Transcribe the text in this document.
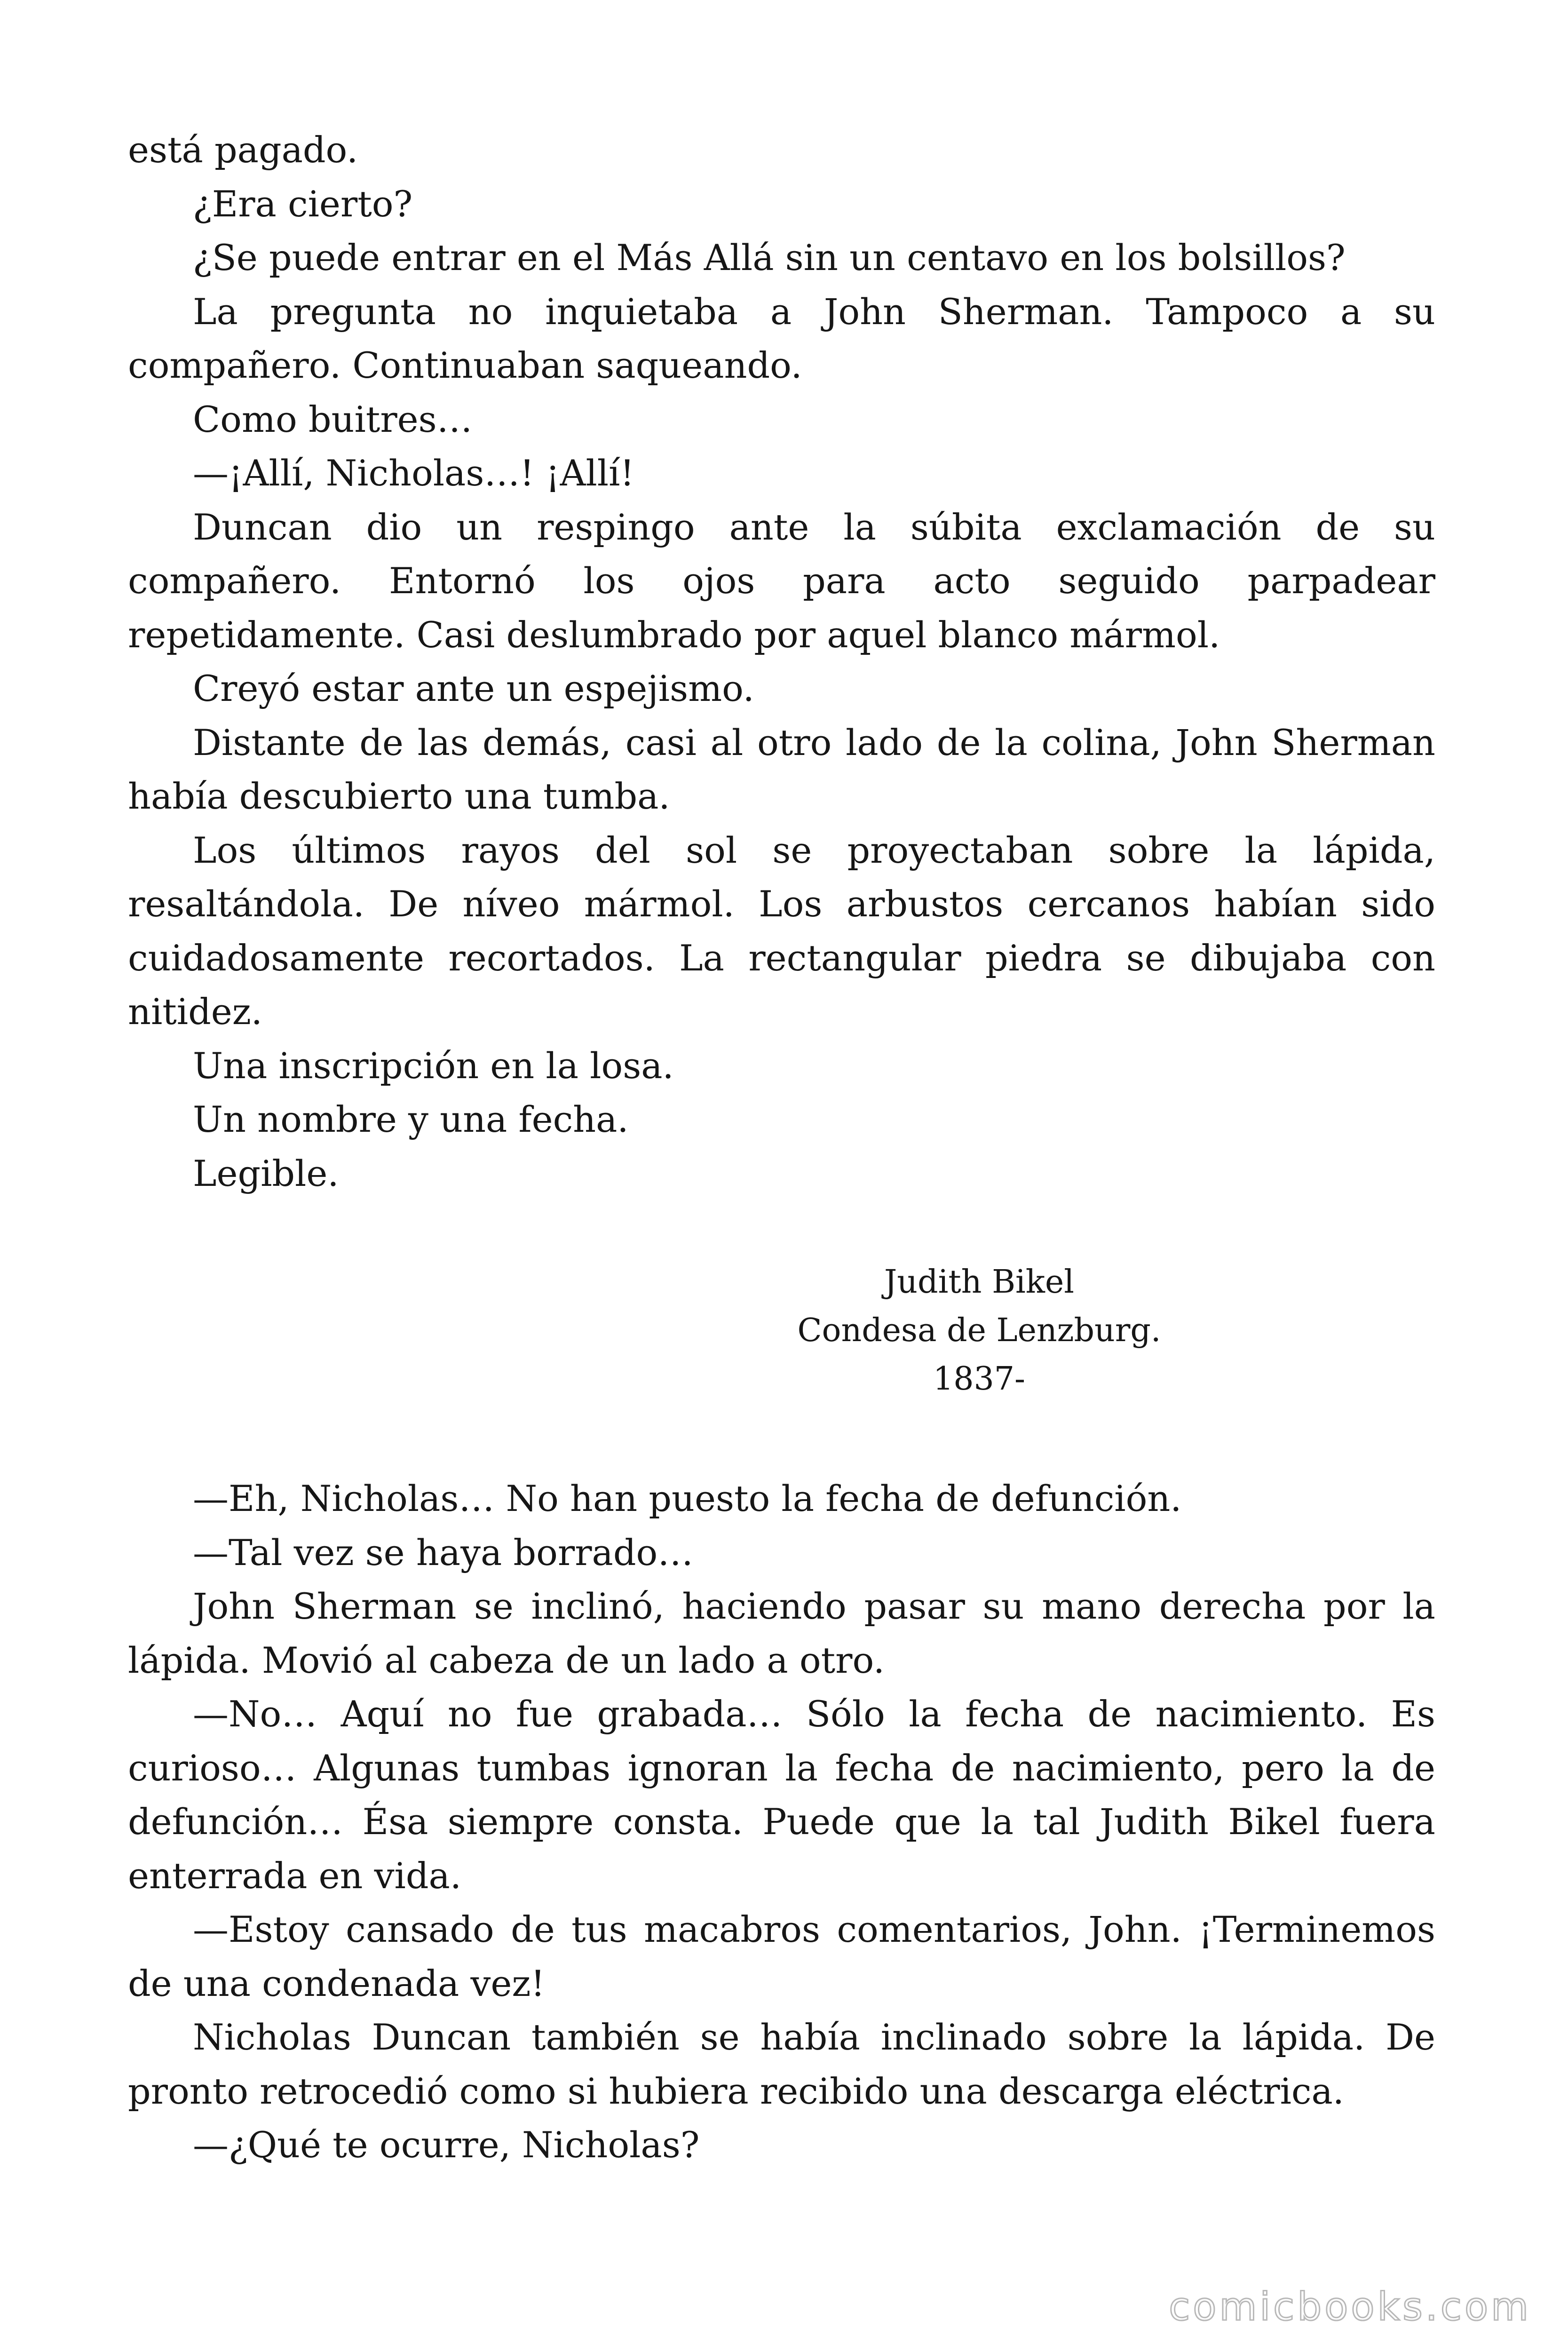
está pagado.

¿Era cierto?

¿Se puede entrar en el Más Allá sin un centavo en los bolsillos?

La pregunta no inquietaba a John Sherman. Tampoco a su compañero. Continuaban saqueando.

Como buitres…

—¡Allí, Nicholas…! ¡Allí!

Duncan dio un respingo ante la súbita exclamación de su compañero. Entornó los ojos para acto seguido parpadear repetidamente. Casi deslumbrado por aquel blanco mármol.

Creyó estar ante un espejismo.

Distante de las demás, casi al otro lado de la colina, John Sherman había descubierto una tumba.

Los últimos rayos del sol se proyectaban sobre la lápida, resaltándola. De níveo mármol. Los arbustos cercanos habían sido cuidadosamente recortados. La rectangular piedra se dibujaba con nitidez.

Una inscripción en la losa.

Un nombre y una fecha.

Legible.

Judith Bikel
Condesa de Lenzburg.
1837-

—Eh, Nicholas… No han puesto la fecha de defunción.

—Tal vez se haya borrado…

John Sherman se inclinó, haciendo pasar su mano derecha por la lápida. Movió al cabeza de un lado a otro.

—No… Aquí no fue grabada… Sólo la fecha de nacimiento. Es curioso… Algunas tumbas ignoran la fecha de nacimiento, pero la de defunción… Ésa siempre consta. Puede que la tal Judith Bikel fuera enterrada en vida.

—Estoy cansado de tus macabros comentarios, John. ¡Terminemos de una condenada vez!

Nicholas Duncan también se había inclinado sobre la lápida. De pronto retrocedió como si hubiera recibido una descarga eléctrica.

—¿Qué te ocurre, Nicholas?

comicbooks.com
